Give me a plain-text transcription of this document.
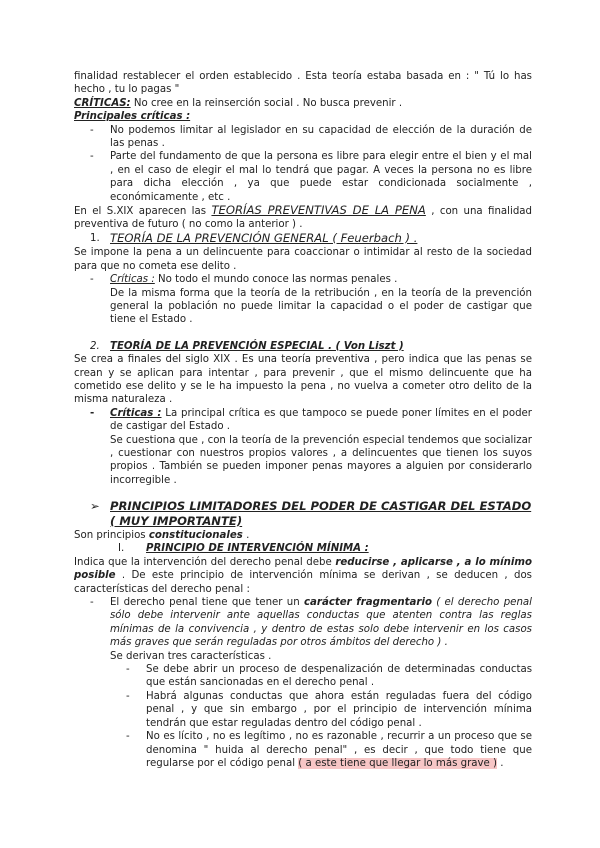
finalidad restablecer el orden establecido . Esta teoría estaba basada en : " Tú lo has hecho , tu lo pagas "

CRÍTICAS: No cree en la reinserción social . No busca prevenir .

Principales críticas :

- No podemos limitar al legislador en su capacidad de elección de la duración de las penas .

- Parte del fundamento de que la persona es libre para elegir entre el bien y el mal , en el caso de elegir el mal lo tendrá que pagar. A veces la persona no es libre para dicha elección , ya que puede estar condicionada socialmente , económicamente , etc .

En el S.XIX aparecen las TEORÍAS PREVENTIVAS DE LA PENA , con una finalidad preventiva de futuro ( no como la anterior ) .

1. TEORÍA DE LA PREVENCIÓN GENERAL ( Feuerbach ) .

Se impone la pena a un delincuente para coaccionar o intimidar al resto de la sociedad para que no cometa ese delito .

- Críticas : No todo el mundo conoce las normas penales .

De la misma forma que la teoría de la retribución , en la teoría de la prevención general la población no puede limitar la capacidad o el poder de castigar que tiene el Estado .

2. TEORÍA DE LA PREVENCIÓN ESPECIAL . ( Von Liszt )

Se crea a finales del siglo XIX . Es una teoría preventiva , pero indica que las penas se crean y se aplican para intentar , para prevenir , que el mismo delincuente que ha cometido ese delito y se le ha impuesto la pena , no vuelva a cometer otro delito de la misma naturaleza .

- Críticas : La principal crítica es que tampoco se puede poner límites en el poder de castigar del Estado .

Se cuestiona que , con la teoría de la prevención especial tendemos que socializar , cuestionar con nuestros propios valores , a delincuentes que tienen los suyos propios . También se pueden imponer penas mayores a alguien por considerarlo incorregible .

➢ PRINCIPIOS LIMITADORES DEL PODER DE CASTIGAR DEL ESTADO ( MUY IMPORTANTE)

Son principios constitucionales .

I.	PRINCIPIO DE INTERVENCIÓN MÍNIMA :

Indica que la intervención del derecho penal debe reducirse , aplicarse , a lo mínimo posible . De este principio de intervención mínima se derivan , se deducen , dos características del derecho penal :

- El derecho penal tiene que tener un carácter fragmentario ( el derecho penal sólo debe intervenir ante aquellas conductas que atenten contra las reglas mínimas de la convivencia , y dentro de estas solo debe intervenir en los casos más graves que serán reguladas por otros ámbitos del derecho ) .

Se derivan tres características .

- Se debe abrir un proceso de despenalización de determinadas conductas que están sancionadas en el derecho penal .

- Habrá algunas conductas que ahora están reguladas fuera del código penal , y que sin embargo , por el principio de intervención mínima tendrán que estar reguladas dentro del código penal .

- No es lícito , no es legítimo , no es razonable , recurrir a un proceso que se denomina " huida al derecho penal" , es decir , que todo tiene que regularse por el código penal ( a este tiene que llegar lo más grave ) .
